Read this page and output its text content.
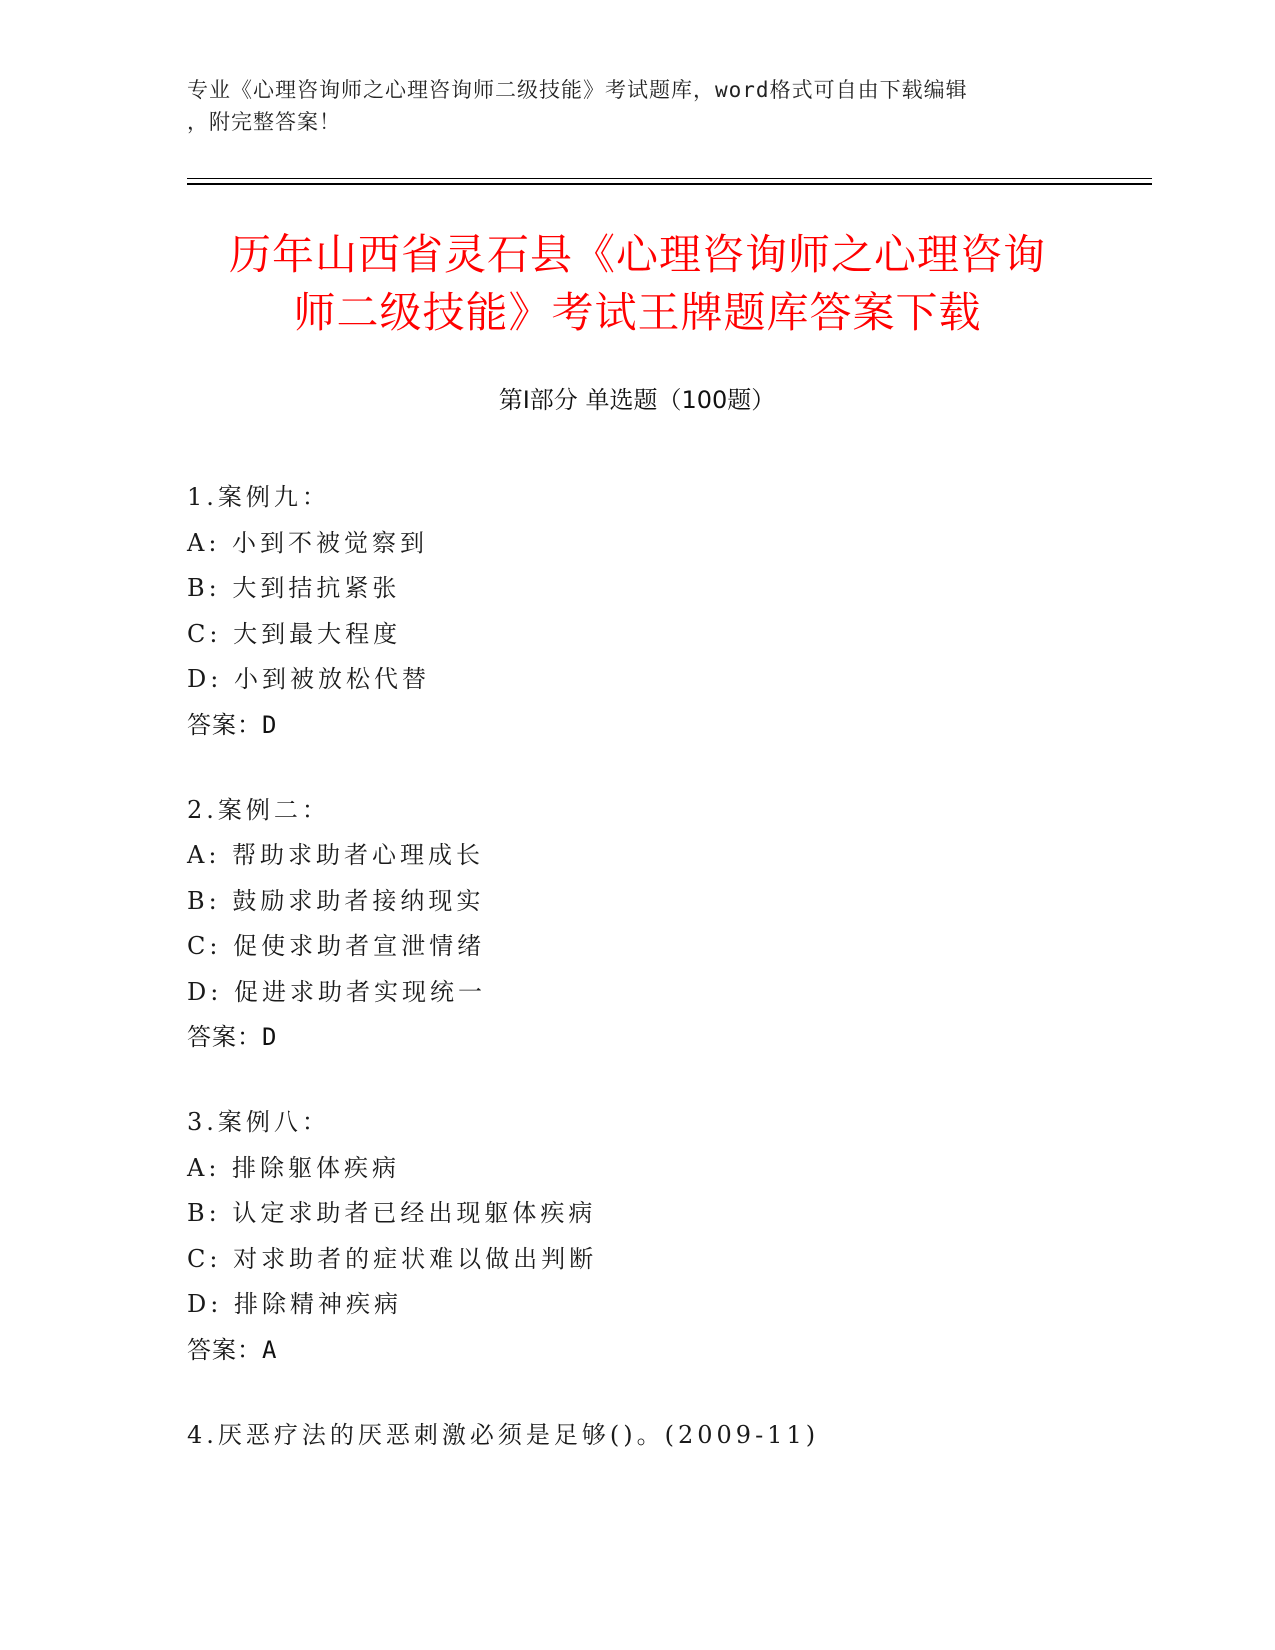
专业《心理咨询师之心理咨询师二级技能》考试题库，word格式可自由下载编辑
，附完整答案！
历年山西省灵石县《心理咨询师之心理咨询
师二级技能》考试王牌题库答案下载
第Ⅰ部分 单选题（100题）
1.案例九：
A: 小到不被觉察到
B: 大到拮抗紧张
C: 大到最大程度
D: 小到被放松代替
答案：D
2.案例二：
A: 帮助求助者心理成长
B: 鼓励求助者接纳现实
C: 促使求助者宣泄情绪
D: 促进求助者实现统一
答案：D
3.案例八：
A: 排除躯体疾病
B: 认定求助者已经出现躯体疾病
C: 对求助者的症状难以做出判断
D: 排除精神疾病
答案：A
4.厌恶疗法的厌恶刺激必须是足够()。(2009-11)
